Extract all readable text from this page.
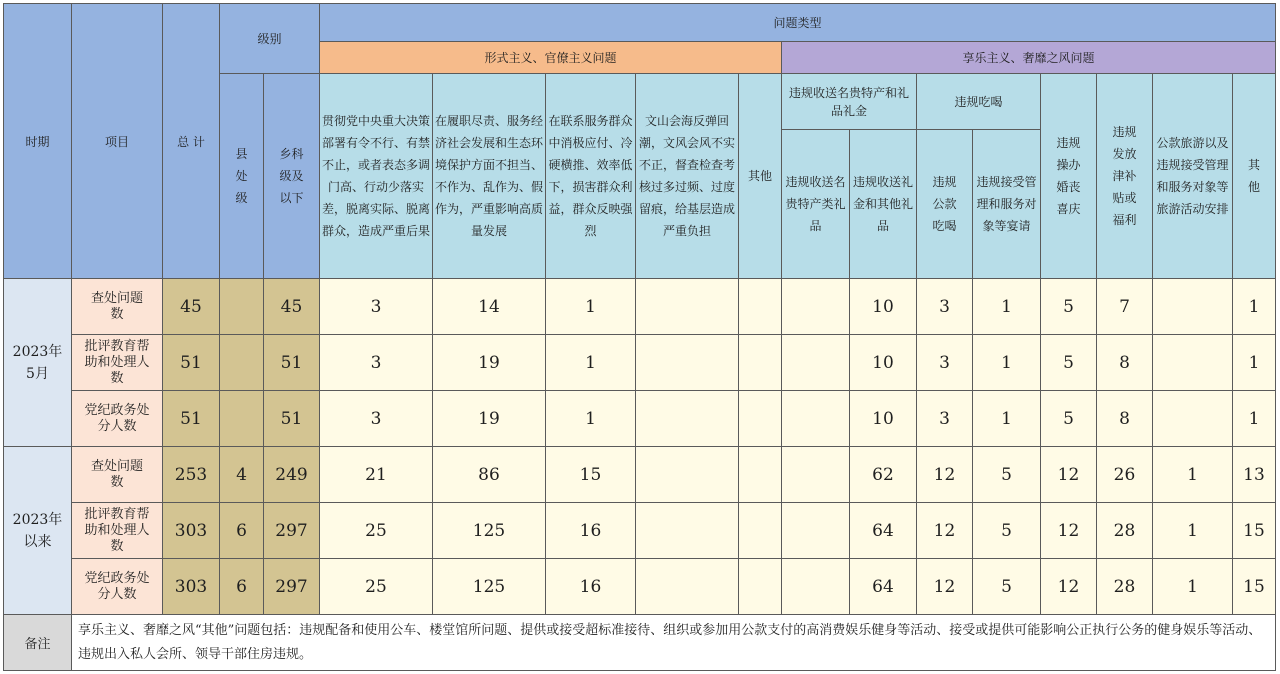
时期	项目	总 计	级别		问题类型												
					形式主义、官僚主义问题					享乐主义、奢靡之风问题							

			县处级	乡科级及以下	贯彻党中央重大决策部署有令不行、有禁不止，或者表态多调门高、行动少落实差，脱离实际、脱离群众，造成严重后果	在履职尽责、服务经济社会发展和生态环境保护方面不担当、不作为、乱作为、假作为，严重影响高质量发展	在联系服务群众中消极应付、冷硬横推、效率低下，损害群众利益，群众反映强烈	文山会海反弹回潮，文风会风不实不正，督查检查考核过多过频、过度留痕，给基层造成严重负担	其他	违规收送名贵特产和礼品礼金		违规吃喝		违规操办婚丧喜庆	违规发放津补贴或福利	公款旅游以及违规接受管理和服务对象等旅游活动安排	其他

										违规收送名贵特产类礼品	违规收送礼金和其他礼品	违规公款吃喝	违规接受管理和服务对象等宴请				

2023年5月	查处问题数	45		45	3	14	1				10	3	1	5	7		1

	批评教育帮助和处理人数	51		51	3	19	1				10	3	1	5	8		1

	党纪政务处分人数	51		51	3	19	1				10	3	1	5	8		1

2023年以来	查处问题数	253	4	249	21	86	15				62	12	5	12	26	1	13

	批评教育帮助和处理人数	303	6	297	25	125	16				64	12	5	12	28	1	15

	党纪政务处分人数	303	6	297	25	125	16				64	12	5	12	28	1	15
备注	享乐主义、奢靡之风“其他”问题包括：违规配备和使用公车、楼堂馆所问题、提供或接受超标准接待、组织或参加用公款支付的高消费娱乐健身等活动、接受或提供可能影响公正执行公务的健身娱乐等活动、违规出入私人会所、领导干部住房违规。																
